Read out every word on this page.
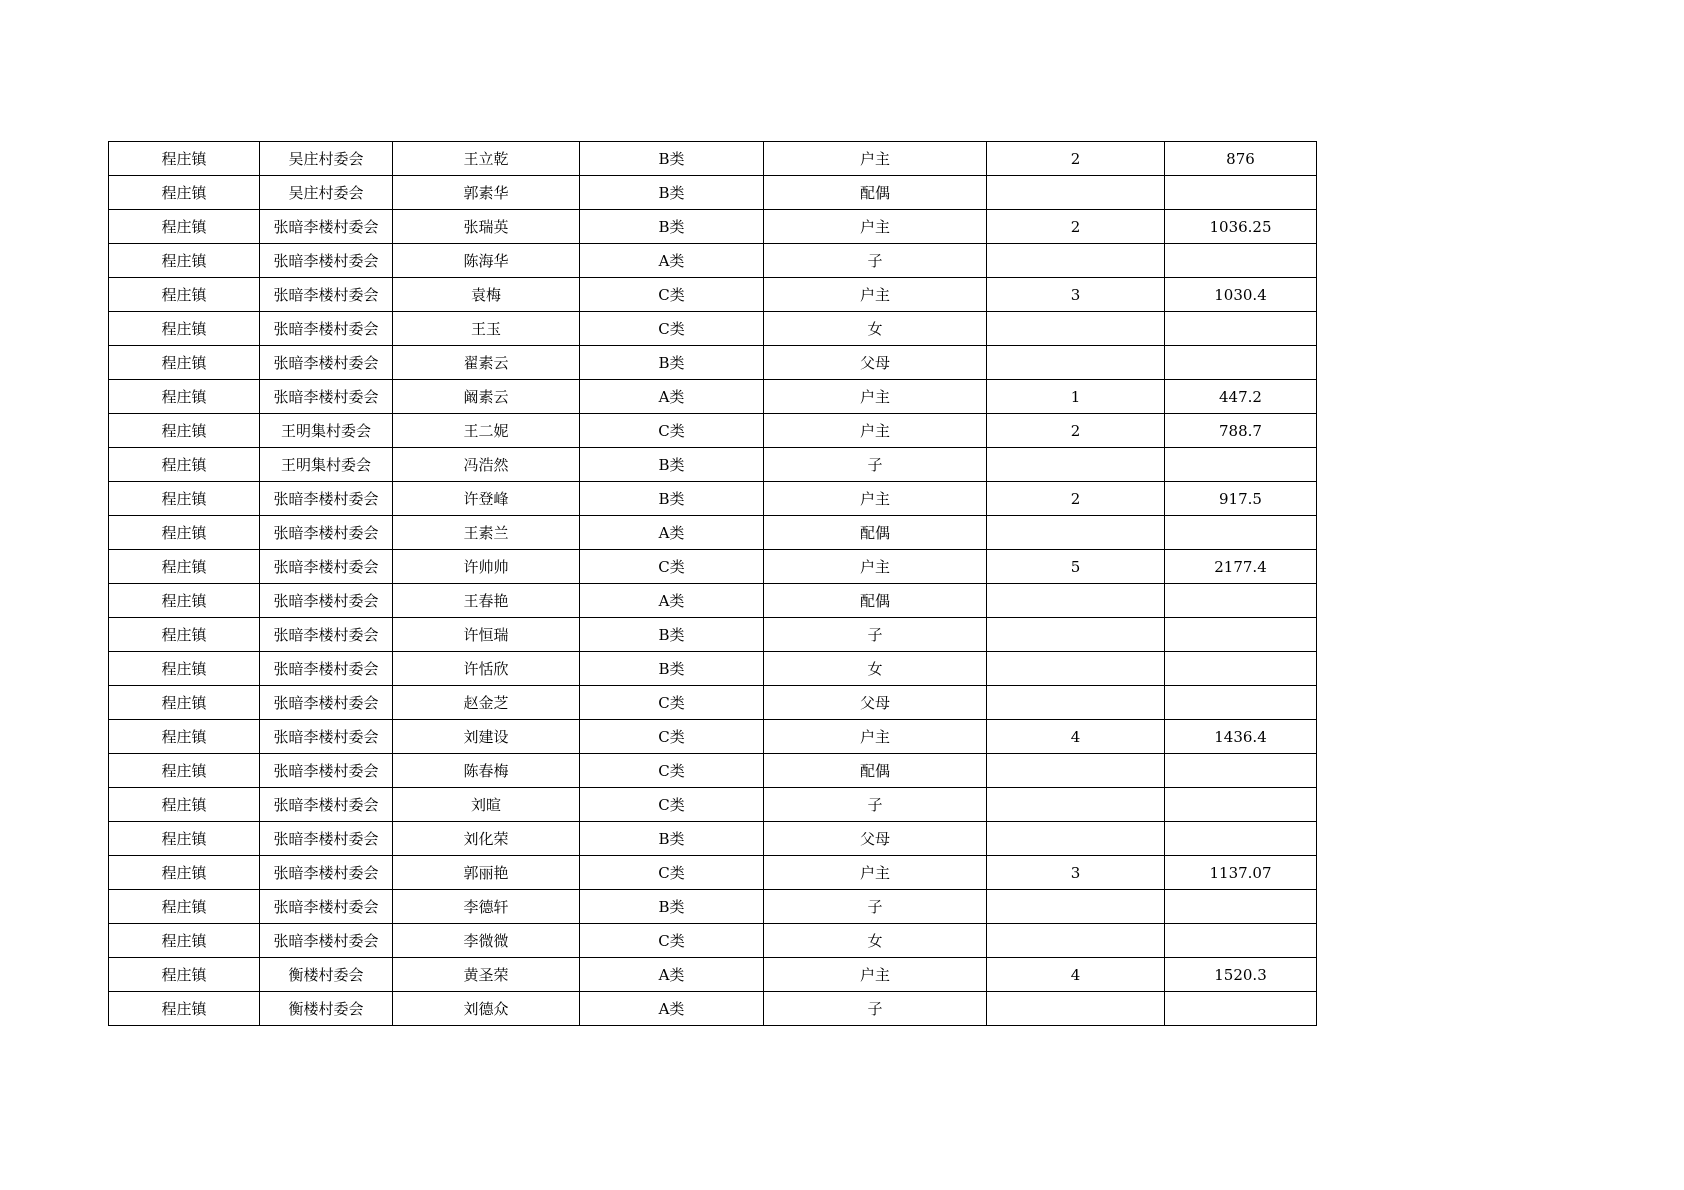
程庄镇	吴庄村委会	王立乾	B类	户主	2	876
程庄镇	吴庄村委会	郭素华	B类	配偶		
程庄镇	张暗李楼村委会	张瑞英	B类	户主	2	1036.25
程庄镇	张暗李楼村委会	陈海华	A类	子		
程庄镇	张暗李楼村委会	袁梅	C类	户主	3	1030.4
程庄镇	张暗李楼村委会	王玉	C类	女		
程庄镇	张暗李楼村委会	翟素云	B类	父母		
程庄镇	张暗李楼村委会	阚素云	A类	户主	1	447.2
程庄镇	王明集村委会	王二妮	C类	户主	2	788.7
程庄镇	王明集村委会	冯浩然	B类	子		
程庄镇	张暗李楼村委会	许登峰	B类	户主	2	917.5
程庄镇	张暗李楼村委会	王素兰	A类	配偶		
程庄镇	张暗李楼村委会	许帅帅	C类	户主	5	2177.4
程庄镇	张暗李楼村委会	王春艳	A类	配偶		
程庄镇	张暗李楼村委会	许恒瑞	B类	子		
程庄镇	张暗李楼村委会	许恬欣	B类	女		
程庄镇	张暗李楼村委会	赵金芝	C类	父母		
程庄镇	张暗李楼村委会	刘建设	C类	户主	4	1436.4
程庄镇	张暗李楼村委会	陈春梅	C类	配偶		
程庄镇	张暗李楼村委会	刘暄	C类	子		
程庄镇	张暗李楼村委会	刘化荣	B类	父母		
程庄镇	张暗李楼村委会	郭丽艳	C类	户主	3	1137.07
程庄镇	张暗李楼村委会	李德轩	B类	子		
程庄镇	张暗李楼村委会	李微微	C类	女		
程庄镇	衡楼村委会	黄圣荣	A类	户主	4	1520.3
程庄镇	衡楼村委会	刘德众	A类	子		
